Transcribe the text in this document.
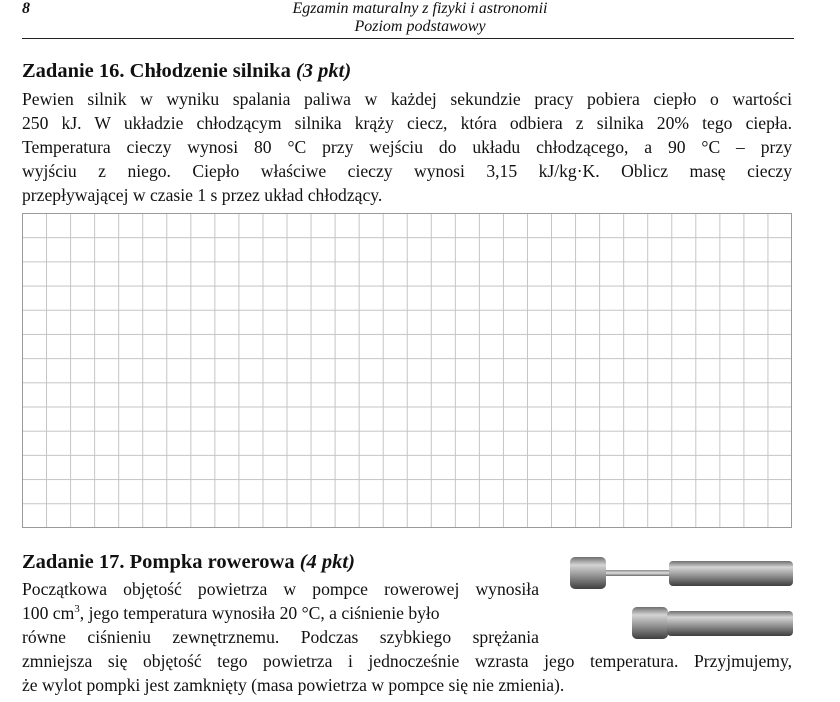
8	Egzamin maturalny z fizyki i astronomii
Poziom podstawowy
Zadanie 16. Chłodzenie silnika (3 pkt)
Pewien silnik w wyniku spalania paliwa w każdej sekundzie pracy pobiera ciepło o wartości
250 kJ. W układzie chłodzącym silnika krąży ciecz, która odbiera z silnika 20% tego ciepła.
Temperatura cieczy wynosi 80 °C przy wejściu do układu chłodzącego, a 90 °C – przy
wyjściu z niego. Ciepło właściwe cieczy wynosi 3,15 kJ/kg·K. Oblicz masę cieczy
przepływającej w czasie 1 s przez układ chłodzący.
Zadanie 17. Pompka rowerowa (4 pkt)
Początkowa objętość powietrza w pompce rowerowej wynosiła
100 $cm^3$, jego temperatura wynosiła 20 °C, a ciśnienie było
równe ciśnieniu zewnętrznemu. Podczas szybkiego sprężania
zmniejsza się objętość tego powietrza i jednocześnie wzrasta jego temperatura. Przyjmujemy,
że wylot pompki jest zamknięty (masa powietrza w pompce się nie zmienia).
